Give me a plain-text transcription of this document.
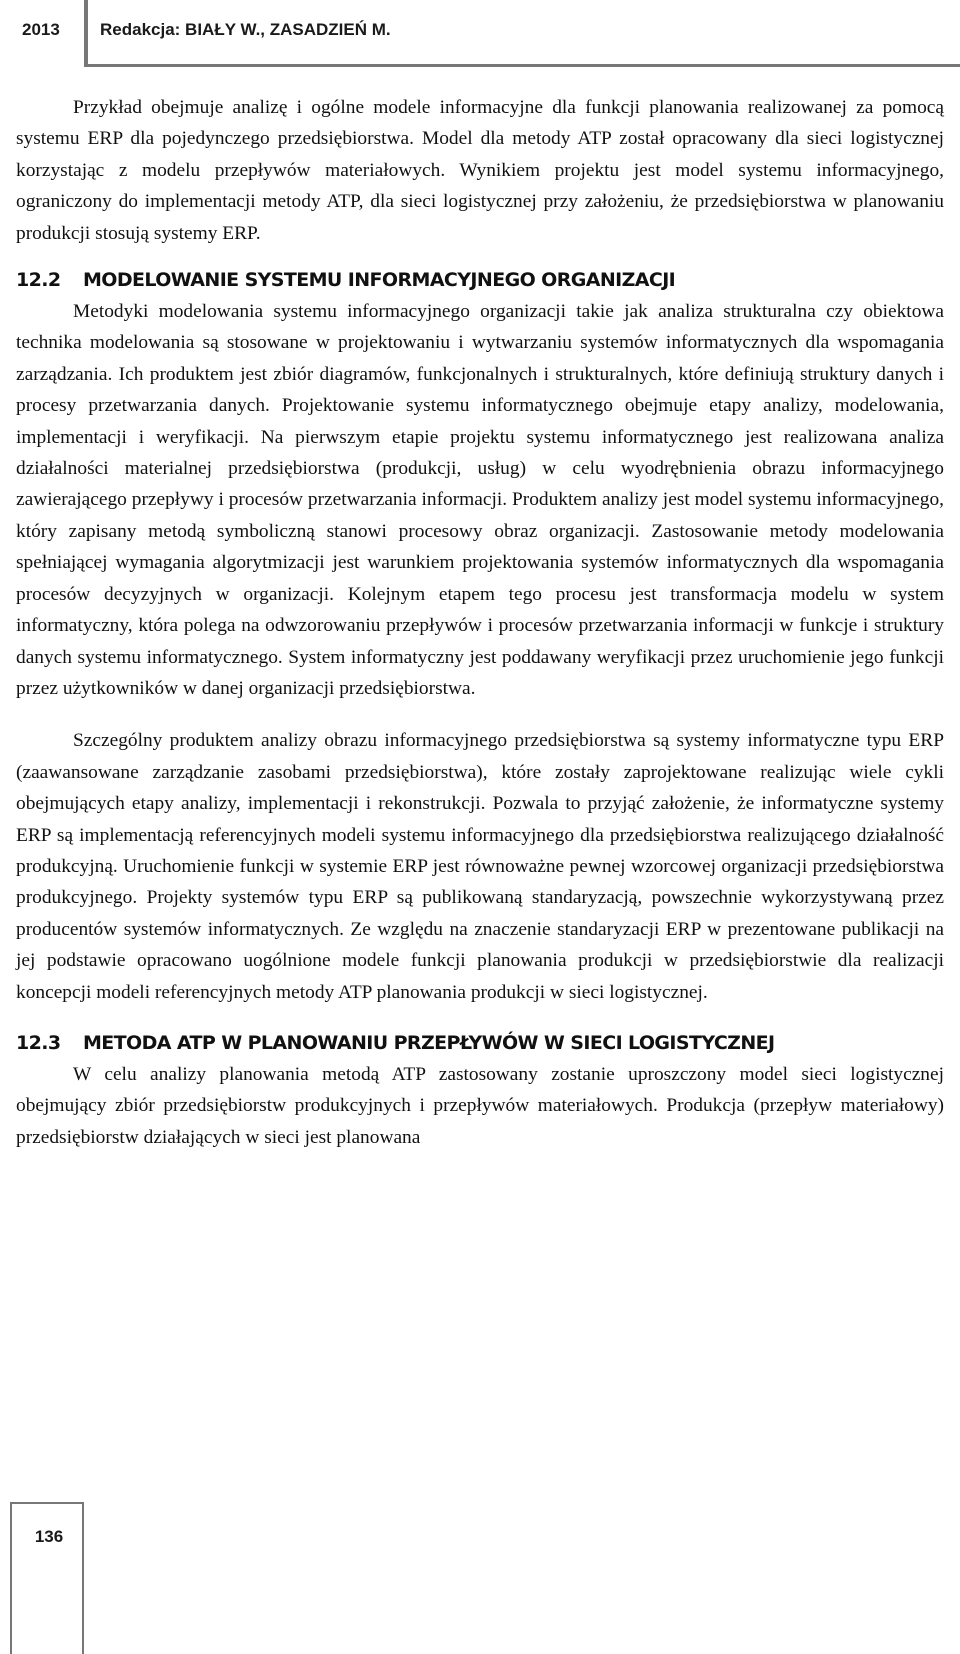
2013 Redakcja: BIAŁY W., ZASADZIEŃ M.

Przykład obejmuje analizę i ogólne modele informacyjne dla funkcji planowania realizowanej za pomocą systemu ERP dla pojedynczego przedsiębiorstwa. Model dla metody ATP został opracowany dla sieci logistycznej korzystając z modelu przepływów materiałowych. Wynikiem projektu jest model systemu informacyjnego, ograniczony do implementacji metody ATP, dla sieci logistycznej przy założeniu, że przedsiębiorstwa w planowaniu produkcji stosują systemy ERP.

12.2 MODELOWANIE SYSTEMU INFORMACYJNEGO ORGANIZACJI

Metodyki modelowania systemu informacyjnego organizacji takie jak analiza strukturalna czy obiektowa technika modelowania są stosowane w projektowaniu i wytwarzaniu systemów informatycznych dla wspomagania zarządzania. Ich produktem jest zbiór diagramów, funkcjonalnych i strukturalnych, które definiują struktury danych i procesy przetwarzania danych. Projektowanie systemu informatycznego obejmuje etapy analizy, modelowania, implementacji i weryfikacji. Na pierwszym etapie projektu systemu informatycznego jest realizowana analiza działalności materialnej przedsiębiorstwa (produkcji, usług) w celu wyodrębnienia obrazu informacyjnego zawierającego przepływy i procesów przetwarzania informacji. Produktem analizy jest model systemu informacyjnego, który zapisany metodą symboliczną stanowi procesowy obraz organizacji. Zastosowanie metody modelowania spełniającej wymagania algorytmizacji jest warunkiem projektowania systemów informatycznych dla wspomagania procesów decyzyjnych w organizacji. Kolejnym etapem tego procesu jest transformacja modelu w system informatyczny, która polega na odwzorowaniu przepływów i procesów przetwarzania informacji w funkcje i struktury danych systemu informatycznego. System informatyczny jest poddawany weryfikacji przez uruchomienie jego funkcji przez użytkowników w danej organizacji przedsiębiorstwa.

Szczególny produktem analizy obrazu informacyjnego przedsiębiorstwa są systemy informatyczne typu ERP (zaawansowane zarządzanie zasobami przedsiębiorstwa), które zostały zaprojektowane realizując wiele cykli obejmujących etapy analizy, implementacji i rekonstrukcji. Pozwala to przyjąć założenie, że informatyczne systemy ERP są implementacją referencyjnych modeli systemu informacyjnego dla przedsiębiorstwa realizującego działalność produkcyjną. Uruchomienie funkcji w systemie ERP jest równoważne pewnej wzorcowej organizacji przedsiębiorstwa produkcyjnego. Projekty systemów typu ERP są publikowaną standaryzacją, powszechnie wykorzystywaną przez producentów systemów informatycznych. Ze względu na znaczenie standaryzacji ERP w prezentowane publikacji na jej podstawie opracowano uogólnione modele funkcji planowania produkcji w przedsiębiorstwie dla realizacji koncepcji modeli referencyjnych metody ATP planowania produkcji w sieci logistycznej.

12.3 METODA ATP W PLANOWANIU PRZEPŁYWÓW W SIECI LOGISTYCZNEJ

W celu analizy planowania metodą ATP zastosowany zostanie uproszczony model sieci logistycznej obejmujący zbiór przedsiębiorstw produkcyjnych i przepływów materiałowych. Produkcja (przepływ materiałowy) przedsiębiorstw działających w sieci jest planowana

136
